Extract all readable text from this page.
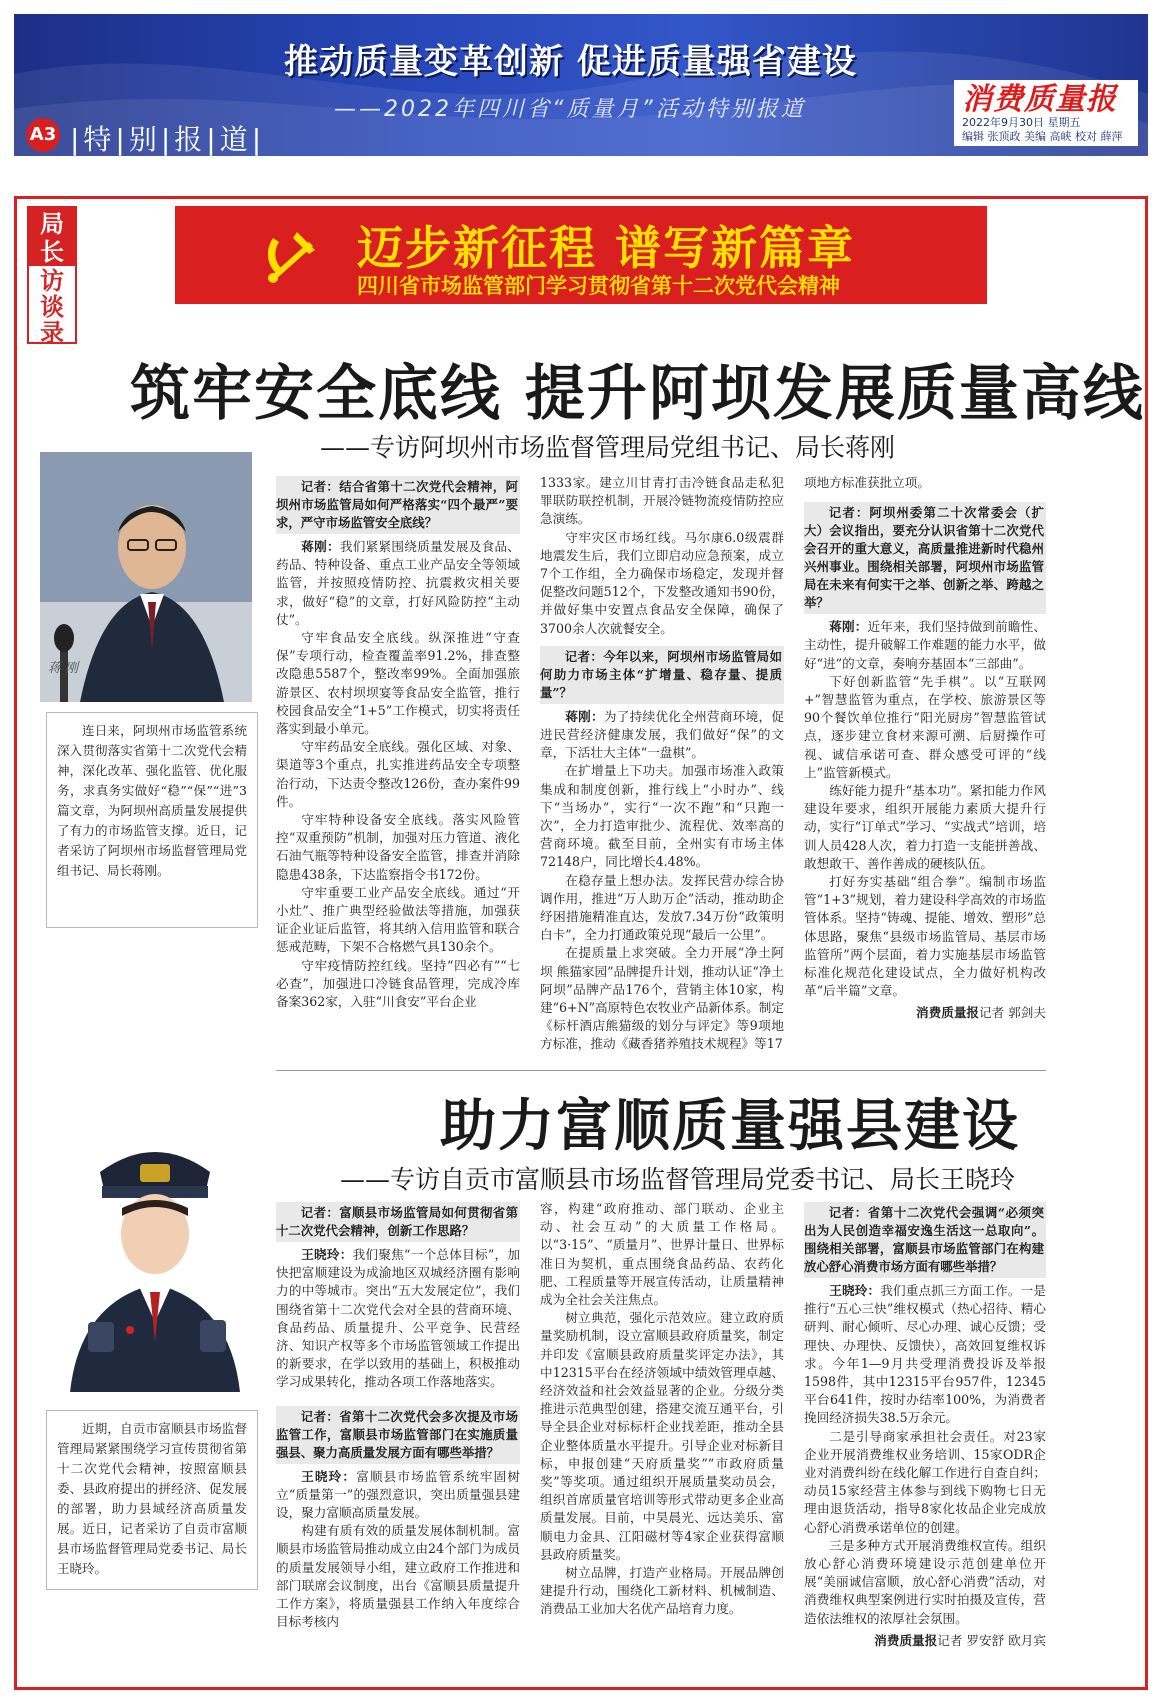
推动质量变革创新 促进质量强省建设
——2022年四川省“质量月”活动特别报道
A3 |特|别|报|道|
消费质量报
2022年9月30日 星期五
编辑 张顶政 美编 高峡 校对 薛萍
局长
访谈录
迈步新征程 谱写新篇章
四川省市场监管部门学习贯彻省第十二次党代会精神
筑牢安全底线 提升阿坝发展质量高线
——专访阿坝州市场监督管理局党组书记、局长蒋刚
蒋 刚
连日来，阿坝州市场监管系统深入贯彻落实省第十二次党代会精神，深化改革、强化监管、优化服务，求真务实做好“稳”“保”“进”3篇文章，为阿坝州高质量发展提供了有力的市场监管支撑。近日，记者采访了阿坝州市场监督管理局党组书记、局长蒋刚。
记者：结合省第十二次党代会精神，阿坝州市场监管局如何严格落实“四个最严”要求，严守市场监管安全底线？

蒋刚：我们紧紧围绕质量发展及食品、药品、特种设备、重点工业产品安全等领域监管，并按照疫情防控、抗震救灾相关要求，做好“稳”的文章，打好风险防控“主动仗”。

守牢食品安全底线。纵深推进“守查保”专项行动，检查覆盖率91.2%，排查整改隐患5587个，整改率99%。全面加强旅游景区、农村坝坝宴等食品安全监管，推行校园食品安全“1+5”工作模式，切实将责任落实到最小单元。

守牢药品安全底线。强化区域、对象、渠道等3个重点，扎实推进药品安全专项整治行动，下达责令整改126份，查办案件99件。

守牢特种设备安全底线。落实风险管控“双重预防”机制，加强对压力管道、液化石油气瓶等特种设备安全监管，排查并消除隐患438条，下达监察指令书172份。

守牢重要工业产品安全底线。通过“开小灶”、推广典型经验做法等措施，加强获证企业证后监管，将其纳入信用监管和联合惩戒范畴，下架不合格燃气具130余个。

守牢疫情防控红线。坚持“四必有”“七必查”，加强进口冷链食品管理，完成冷库备案362家，入驻“川食安”平台企业

1333家。建立川甘青打击冷链食品走私犯罪联防联控机制，开展冷链物流疫情防控应急演练。

守牢灾区市场红线。马尔康6.0级震群地震发生后，我们立即启动应急预案，成立7个工作组，全力确保市场稳定，发现并督促整改问题512个，下发整改通知书90份，并做好集中安置点食品安全保障，确保了3700余人次就餐安全。

记者：今年以来，阿坝州市场监管局如何助力市场主体“扩增量、稳存量、提质量”？

蒋刚：为了持续优化全州营商环境，促进民营经济健康发展，我们做好“保”的文章，下活壮大主体“一盘棋”。

在扩增量上下功夫。加强市场准入政策集成和制度创新，推行线上“小时办”、线下“当场办”，实行“一次不跑”和“只跑一次”，全力打造审批少、流程优、效率高的营商环境。截至目前，全州实有市场主体72148户，同比增长4.48%。

在稳存量上想办法。发挥民营办综合协调作用，推进“万人助万企”活动，推动助企纾困措施精准直达，发放7.34万份“政策明白卡”，全力打通政策兑现“最后一公里”。

在提质量上求突破。全力开展“净土阿坝 熊猫家园”品牌提升计划，推动认证“净土阿坝”品牌产品176个，营销主体10家，构建“6+N”高原特色农牧业产品新体系。制定《标杆酒店熊猫级的划分与评定》等9项地方标准，推动《藏香猪养殖技术规程》等17

项地方标准获批立项。

记者：阿坝州委第二十次常委会（扩大）会议指出，要充分认识省第十二次党代会召开的重大意义，高质量推进新时代稳州兴州事业。围绕相关部署，阿坝州市场监管局在未来有何实干之举、创新之举、跨越之举？

蒋刚：近年来，我们坚持做到前瞻性、主动性，提升破解工作难题的能力水平，做好“进”的文章，奏响夯基固本“三部曲”。

下好创新监管“先手棋”。以“互联网+”智慧监管为重点，在学校、旅游景区等90个餐饮单位推行“阳光厨房”智慧监管试点，逐步建立食材来源可溯、后厨操作可视、诚信承诺可查、群众感受可评的“线上”监管新模式。

练好能力提升“基本功”。紧扣能力作风建设年要求，组织开展能力素质大提升行动，实行“订单式”学习、“实战式”培训，培训人员428人次，着力打造一支能拼善战、敢想敢干、善作善成的硬核队伍。

打好夯实基础“组合拳”。编制市场监管“1+3”规划，着力建设科学高效的市场监管体系。坚持“铸魂、提能、增效、塑形”总体思路，聚焦“县级市场监管局、基层市场监管所”两个层面，着力实施基层市场监管标准化规范化建设试点，全力做好机构改革“后半篇”文章。

消费质量报记者 郭剑夫
助力富顺质量强县建设
——专访自贡市富顺县市场监督管理局党委书记、局长王晓玲
近期，自贡市富顺县市场监督管理局紧紧围绕学习宣传贯彻省第十二次党代会精神，按照富顺县委、县政府提出的拼经济、促发展的部署，助力县域经济高质量发展。近日，记者采访了自贡市富顺县市场监督管理局党委书记、局长王晓玲。
记者：富顺县市场监管局如何贯彻省第十二次党代会精神，创新工作思路？

王晓玲：我们聚焦“一个总体目标”，加快把富顺建设为成渝地区双城经济圈有影响力的中等城市。突出“五大发展定位”，我们围绕省第十二次党代会对全县的营商环境、食品药品、质量提升、公平竞争、民营经济、知识产权等多个市场监管领域工作提出的新要求，在学以致用的基础上，积极推动学习成果转化，推动各项工作落地落实。

记者：省第十二次党代会多次提及市场监管工作，富顺县市场监管部门在实施质量强县、聚力高质量发展方面有哪些举措？

王晓玲：富顺县市场监管系统牢固树立“质量第一”的强烈意识，突出质量强县建设，聚力富顺高质量发展。

构建有质有效的质量发展体制机制。富顺县市场监管局推动成立由24个部门为成员的质量发展领导小组，建立政府工作推进和部门联席会议制度，出台《富顺县质量提升工作方案》，将质量强县工作纳入年度综合目标考核内

容，构建“政府推动、部门联动、企业主动、社会互动”的大质量工作格局。以“3·15”、“质量月”、世界计量日、世界标准日为契机，重点围绕食品药品、农药化肥、工程质量等开展宣传活动，让质量精神成为全社会关注焦点。

树立典范，强化示范效应。建立政府质量奖励机制，设立富顺县政府质量奖，制定并印发《富顺县政府质量奖评定办法》，其中12315平台在经济领域中绩效管理卓越、经济效益和社会效益显著的企业。分级分类推进示范典型创建，搭建交流互通平台，引导全县企业对标标杆企业找差距，推动全县企业整体质量水平提升。引导企业对标新目标，申报创建“天府质量奖”“市政府质量奖”等奖项。通过组织开展质量奖动员会，组织首席质量官培训等形式带动更多企业高质量发展。目前，中昊晨光、远达美乐、富顺电力金具、江阳磁材等4家企业获得富顺县政府质量奖。

树立品牌，打造产业格局。开展品牌创建提升行动，围绕化工新材料、机械制造、消费品工业加大名优产品培育力度。

记者：省第十二次党代会强调“必须突出为人民创造幸福安逸生活这一总取向”。围绕相关部署，富顺县市场监管部门在构建放心舒心消费市场方面有哪些举措？

王晓玲：我们重点抓三方面工作。一是推行“五心三快”维权模式（热心招待、精心研判、耐心倾听、尽心办理、诚心反馈；受理快、办理快、反馈快），高效回复维权诉求。今年1—9月共受理消费投诉及举报1598件，其中12315平台957件，12345平台641件，按时办结率100%，为消费者挽回经济损失38.5万余元。

二是引导商家承担社会责任。对23家企业开展消费维权业务培训、15家ODR企业对消费纠纷在线化解工作进行自查自纠；动员15家经营主体参与到线下购物七日无理由退货活动，指导8家化妆品企业完成放心舒心消费承诺单位的创建。

三是多种方式开展消费维权宣传。组织放心舒心消费环境建设示范创建单位开展“美丽诚信富顺，放心舒心消费”活动，对消费维权典型案例进行实时拍摄及宣传，营造依法维权的浓厚社会氛围。

消费质量报记者 罗安舒 欧月宾
